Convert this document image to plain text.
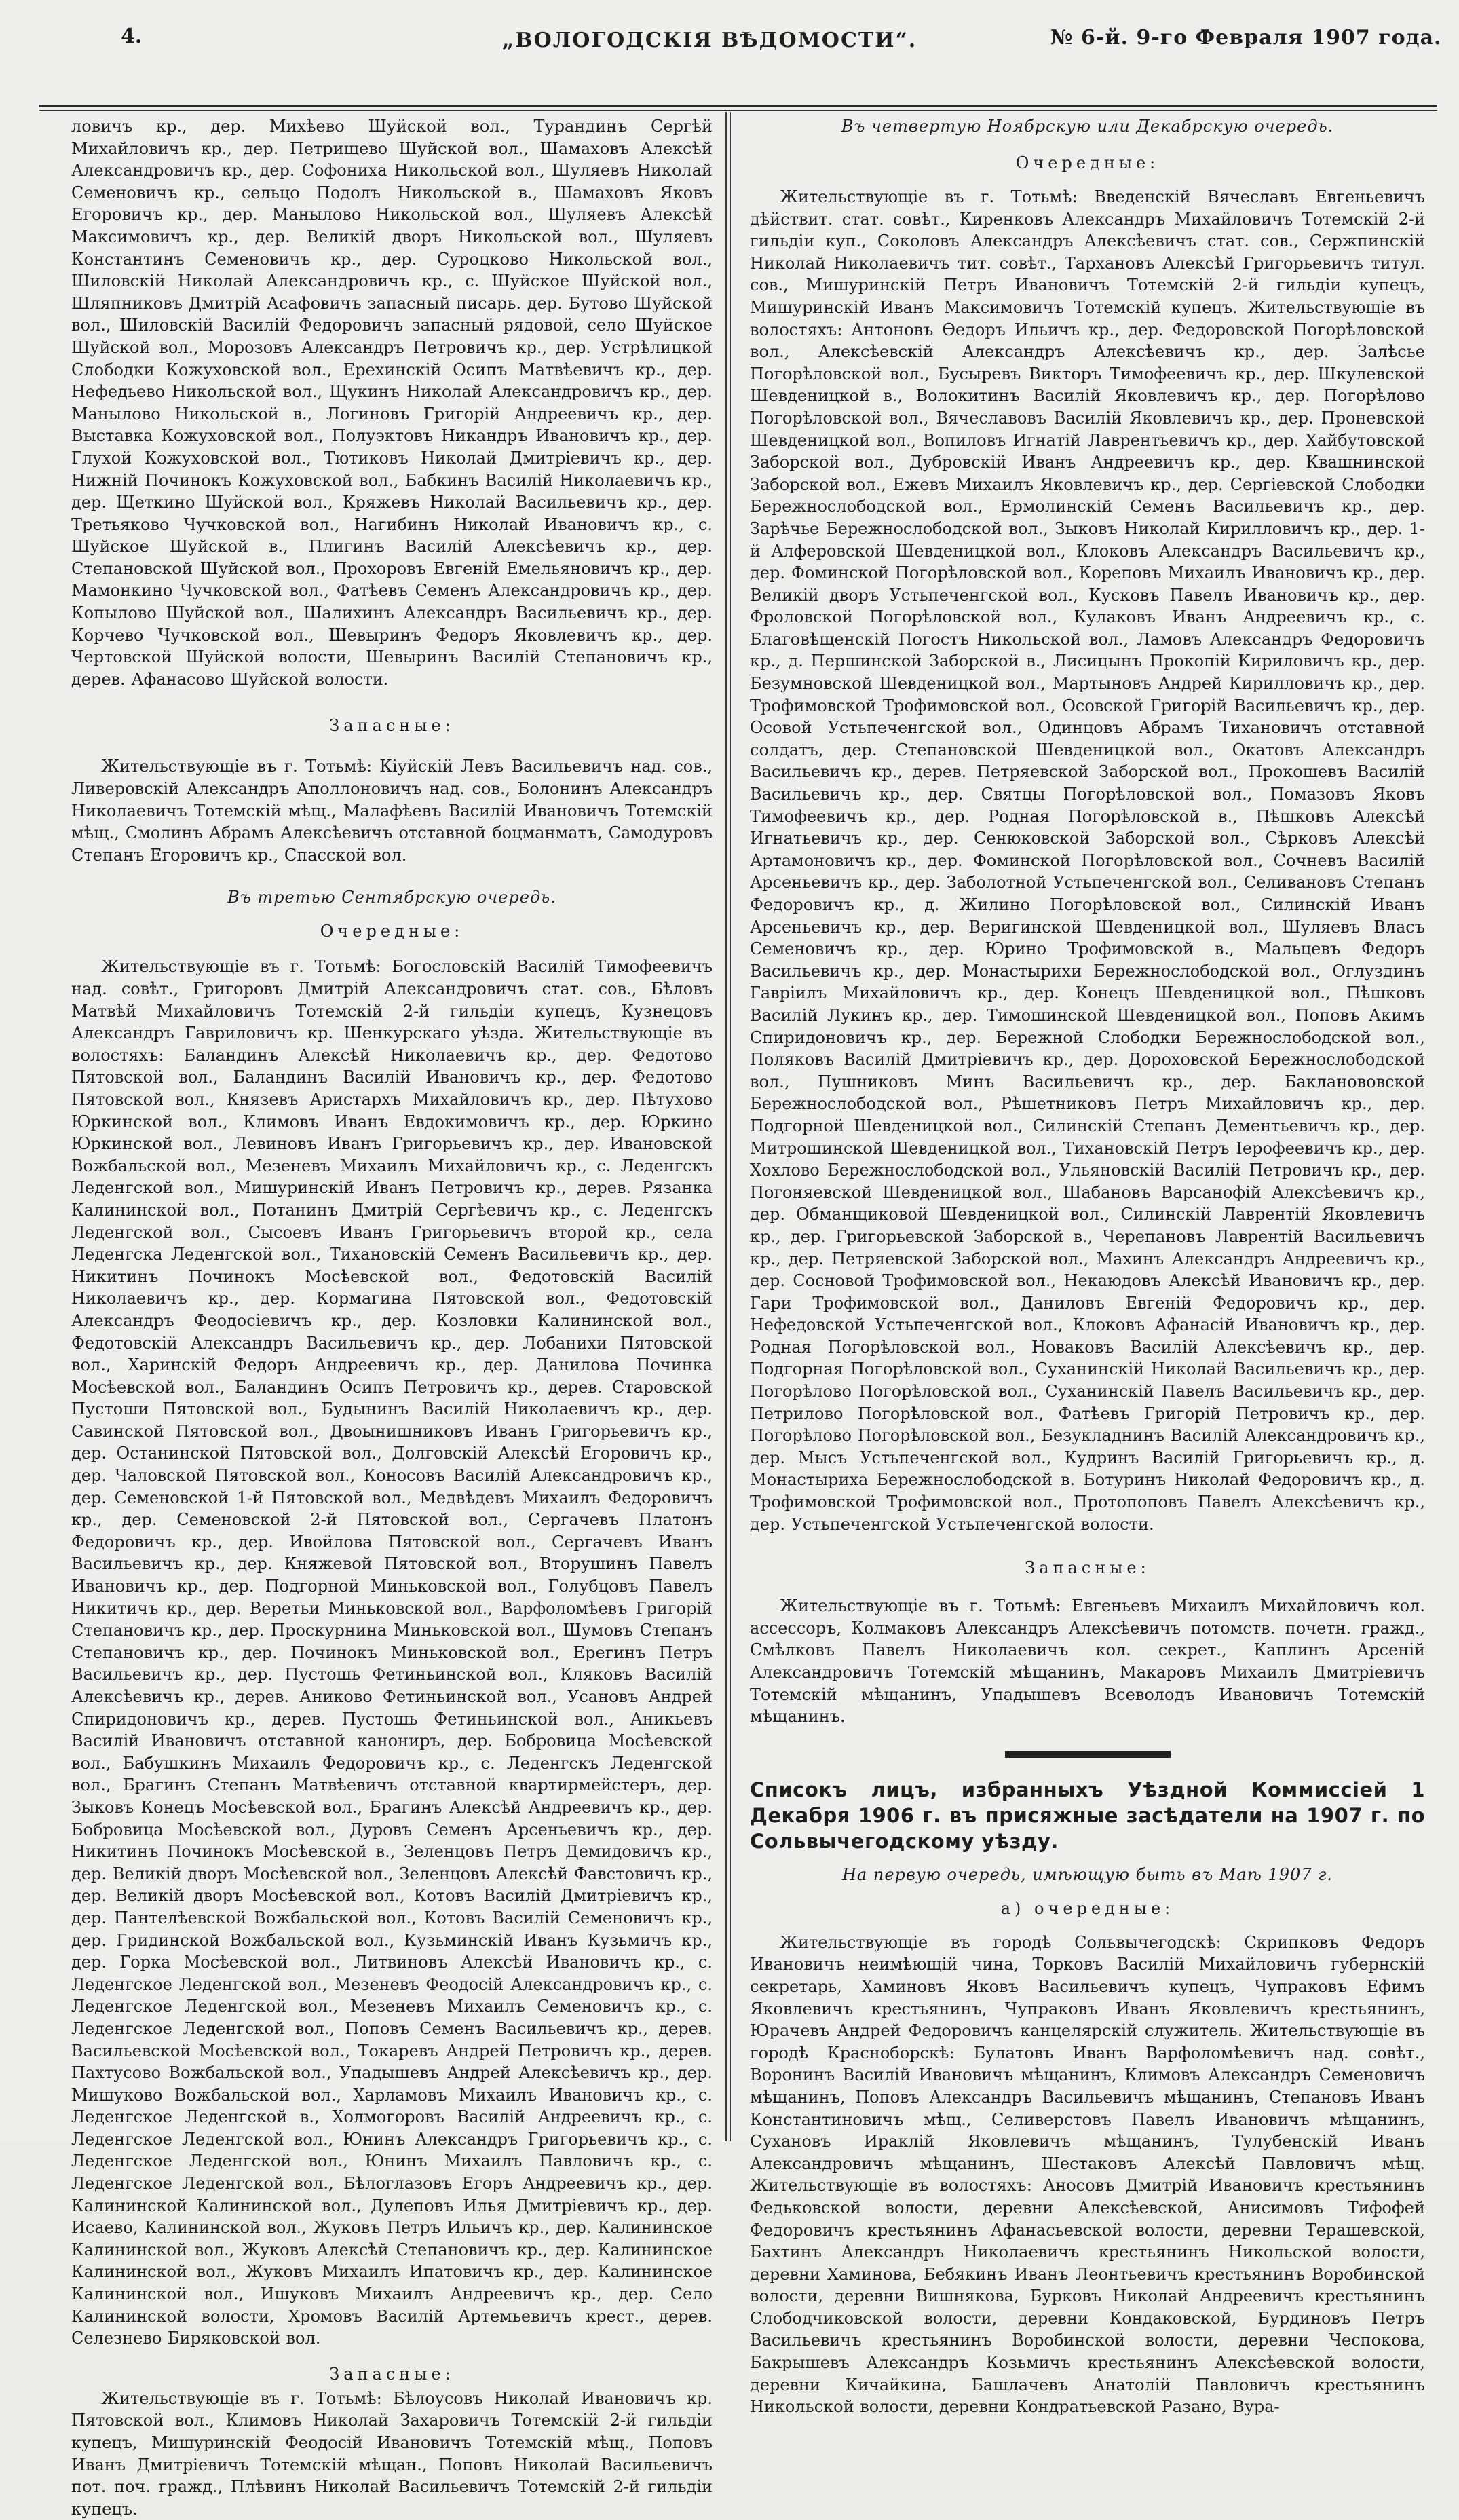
4.	„ВОЛОГОДСКІЯ ВѢДОМОСТИ“.	№ 6-й. 9-го Февраля 1907 года.

ловичъ кр., дер. Михѣево Шуйской вол., Турандинъ Сергѣй Михайловичъ кр., дер. Петрищево Шуйской вол., Шамаховъ Алексѣй Александровичъ кр., дер. Софониха Никольской вол., Шуляевъ Николай Семеновичъ кр., сельцо Подолъ Никольской в., Шамаховъ Яковъ Егоровичъ кр., дер. Манылово Никольской вол., Шуляевъ Алексѣй Максимовичъ кр., дер. Великій дворъ Никольской вол., Шуляевъ Константинъ Семеновичъ кр., дер. Суроцково Никольской вол., Шиловскій Николай Александровичъ кр., с. Шуйское Шуйской вол., Шляпниковъ Дмитрій Асафовичъ запасный писарь. дер. Бутово Шуйской вол., Шиловскій Василій Федоровичъ запасный рядовой, село Шуйское Шуйской вол., Морозовъ Александръ Петровичъ кр., дер. Устрѣлицкой Слободки Кожуховской вол., Ерехинскій Осипъ Матвѣевичъ кр., дер. Нефедьево Никольской вол., Щукинъ Николай Александровичъ кр., дер. Манылово Никольской в., Логиновъ Григорій Андреевичъ кр., дер. Выставка Кожуховской вол., Полуэктовъ Никандръ Ивановичъ кр., дер. Глухой Кожуховской вол., Тютиковъ Николай Дмитріевичъ кр., дер. Нижній Починокъ Кожуховской вол., Бабкинъ Василій Николаевичъ кр., дер. Щеткино Шуйской вол., Кряжевъ Николай Васильевичъ кр., дер. Третьяково Чучковской вол., Нагибинъ Николай Ивановичъ кр., с. Шуйское Шуйской в., Плигинъ Василій Алексѣевичъ кр., дер. Степановской Шуйской вол., Прохоровъ Евгеній Емельяновичъ кр., дер. Мамонкино Чучковской вол., Фатѣевъ Семенъ Александровичъ кр., дер. Копылово Шуйской вол., Шалихинъ Александръ Васильевичъ кр., дер. Корчево Чучковской вол., Шевыринъ Федоръ Яковлевичъ кр., дер. Чертовской Шуйской волости, Шевыринъ Василій Степановичъ кр., дерев. Афанасово Шуйской волости.

Запасные:

Жительствующіе въ г. Тотьмѣ: Кіуйскій Левъ Васильевичъ над. сов., Ливеровскій Александръ Аполлоновичъ над. сов., Болонинъ Александръ Николаевичъ Тотемскій мѣщ., Малафѣевъ Василій Ивановичъ Тотемскій мѣщ., Смолинъ Абрамъ Алексѣевичъ отставной боцманматъ, Самодуровъ Степанъ Егоровичъ кр., Спасской вол.

Въ третью Сентябрскую очередь.

Очередные:

Жительствующіе въ г. Тотьмѣ: Богословскій Василій Тимофеевичъ над. совѣт., Григоровъ Дмитрій Александровичъ стат. сов., Бѣловъ Матвѣй Михайловичъ Тотемскій 2-й гильдіи купецъ, Кузнецовъ Александръ Гавриловичъ кр. Шенкурскаго уѣзда. Жительствующіе въ волостяхъ: Баландинъ Алексѣй Николаевичъ кр., дер. Федотово Пятовской вол., Баландинъ Василій Ивановичъ кр., дер. Федотово Пятовской вол., Князевъ Аристархъ Михайловичъ кр., дер. Пѣтухово Юркинской вол., Климовъ Иванъ Евдокимовичъ кр., дер. Юркино Юркинской вол., Левиновъ Иванъ Григорьевичъ кр., дер. Ивановской Вожбальской вол., Мезеневъ Михаилъ Михайловичъ кр., с. Леденгскъ Леденгской вол., Мишуринскій Иванъ Петровичъ кр., дерев. Рязанка Калининской вол., Потанинъ Дмитрій Сергѣевичъ кр., с. Леденгскъ Леденгской вол., Сысоевъ Иванъ Григорьевичъ второй кр., села Леденгска Леденгской вол., Тихановскій Семенъ Васильевичъ кр., дер. Никитинъ Починокъ Мосѣевской вол., Федотовскій Василій Николаевичъ кр., дер. Кормагина Пятовской вол., Федотовскій Александръ Феодосіевичъ кр., дер. Козловки Калининской вол., Федотовскій Александръ Васильевичъ кр., дер. Лобанихи Пятовской вол., Харинскій Федоръ Андреевичъ кр., дер. Данилова Починка Мосѣевской вол., Баландинъ Осипъ Петровичъ кр., дерев. Старовской Пустоши Пятовской вол., Будынинъ Василій Николаевичъ кр., дер. Савинской Пятовской вол., Двоынишниковъ Иванъ Григорьевичъ кр., дер. Останинской Пятовской вол., Долговскій Алексѣй Егоровичъ кр., дер. Чаловской Пятовской вол., Коносовъ Василій Александровичъ кр., дер. Семеновской 1-й Пятовской вол., Медвѣдевъ Михаилъ Федоровичъ кр., дер. Семеновской 2-й Пятовской вол., Сергачевъ Платонъ Федоровичъ кр., дер. Ивойлова Пятовской вол., Сергачевъ Иванъ Васильевичъ кр., дер. Княжевой Пятовской вол., Вторушинъ Павелъ Ивановичъ кр., дер. Подгорной Миньковской вол., Голубцовъ Павелъ Никитичъ кр., дер. Веретьи Миньковской вол., Варфоломѣевъ Григорій Степановичъ кр., дер. Проскурнина Миньковской вол., Шумовъ Степанъ Степановичъ кр., дер. Починокъ Миньковской вол., Ерегинъ Петръ Васильевичъ кр., дер. Пустошь Фетиньинской вол., Кляковъ Василій Алексѣевичъ кр., дерев. Аниково Фетиньинской вол., Усановъ Андрей Спиридоновичъ кр., дерев. Пустошь Фетиньинской вол., Аникьевъ Василій Ивановичъ отставной канониръ, дер. Бобровица Мосѣевской вол., Бабушкинъ Михаилъ Федоровичъ кр., с. Леденгскъ Леденгской вол., Брагинъ Степанъ Матвѣевичъ отставной квартирмейстеръ, дер. Зыковъ Конецъ Мосѣевской вол., Брагинъ Алексѣй Андреевичъ кр., дер. Бобровица Мосѣевской вол., Дуровъ Семенъ Арсеньевичъ кр., дер. Никитинъ Починокъ Мосѣевской в., Зеленцовъ Петръ Демидовичъ кр., дер. Великій дворъ Мосѣевской вол., Зеленцовъ Алексѣй Фавстовичъ кр., дер. Великій дворъ Мосѣевской вол., Котовъ Василій Дмитріевичъ кр., дер. Пантелѣевской Вожбальской вол., Котовъ Василій Семеновичъ кр., дер. Гридинской Вожбальской вол., Кузьминскій Иванъ Кузьмичъ кр., дер. Горка Мосѣевской вол., Литвиновъ Алексѣй Ивановичъ кр., с. Леденгское Леденгской вол., Мезеневъ Феодосій Александровичъ кр., с. Леденгское Леденгской вол., Мезеневъ Михаилъ Семеновичъ кр., с. Леденгское Леденгской вол., Поповъ Семенъ Васильевичъ кр., дерев. Васильевской Мосѣевской вол., Токаревъ Андрей Петровичъ кр., дерев. Пахтусово Вожбальской вол., Упадышевъ Андрей Алексѣевичъ кр., дер. Мишуково Вожбальской вол., Харламовъ Михаилъ Ивановичъ кр., с. Леденгское Леденгской в., Холмогоровъ Василій Андреевичъ кр., с. Леденгское Леденгской вол., Юнинъ Александръ Григорьевичъ кр., с. Леденгское Леденгской вол., Юнинъ Михаилъ Павловичъ кр., с. Леденгское Леденгской вол., Бѣлоглазовъ Егоръ Андреевичъ кр., дер. Калининской Калининской вол., Дулеповъ Илья Дмитріевичъ кр., дер. Исаево, Калининской вол., Жуковъ Петръ Ильичъ кр., дер. Калининское Калининской вол., Жуковъ Алексѣй Степановичъ кр., дер. Калининское Калининской вол., Жуковъ Михаилъ Ипатовичъ кр., дер. Калининское Калининской вол., Ишуковъ Михаилъ Андреевичъ кр., дер. Село Калининской волости, Хромовъ Василій Артемьевичъ крест., дерев. Селезнево Биряковской вол.

Запасные:

Жительствующіе въ г. Тотьмѣ: Бѣлоусовъ Николай Ивановичъ кр. Пятовской вол., Климовъ Николай Захаровичъ Тотемскій 2-й гильдіи купецъ, Мишуринскій Феодосій Ивановичъ Тотемскій мѣщ., Поповъ Иванъ Дмитріевичъ Тотемскій мѣщан., Поповъ Николай Васильевичъ пот. поч. гражд., Плѣвинъ Николай Васильевичъ Тотемскій 2-й гильдіи купецъ.

Въ четвертую Ноябрскую или Декабрскую очередь.

Очередные:

Жительствующіе въ г. Тотьмѣ: Введенскій Вячеславъ Евгеньевичъ дѣйствит. стат. совѣт., Киренковъ Александръ Михайловичъ Тотемскій 2-й гильдіи куп., Соколовъ Александръ Алексѣевичъ стат. сов., Сержпинскій Николай Николаевичъ тит. совѣт., Тархановъ Алексѣй Григорьевичъ титул. сов., Мишуринскій Петръ Ивановичъ Тотемскій 2-й гильдіи купецъ, Мишуринскій Иванъ Максимовичъ Тотемскій купецъ. Жительствующіе въ волостяхъ: Антоновъ Ѳедоръ Ильичъ кр., дер. Федоровской Погорѣловской вол., Алексѣевскій Александръ Алексѣевичъ кр., дер. Залѣсье Погорѣловской вол., Бусыревъ Викторъ Тимофеевичъ кр., дер. Шкулевской Шевденицкой в., Волокитинъ Василій Яковлевичъ кр., дер. Погорѣлово Погорѣловской вол., Вячеславовъ Василій Яковлевичъ кр., дер. Проневской Шевденицкой вол., Вопиловъ Игнатій Лаврентьевичъ кр., дер. Хайбутовской Заборской вол., Дубровскій Иванъ Андреевичъ кр., дер. Квашнинской Заборской вол., Ежевъ Михаилъ Яковлевичъ кр., дер. Сергіевской Слободки Бережнослободской вол., Ермолинскій Семенъ Васильевичъ кр., дер. Зарѣчье Бережнослободской вол., Зыковъ Николай Кирилловичъ кр., дер. 1-й Алферовской Шевденицкой вол., Клоковъ Александръ Васильевичъ кр., дер. Фоминской Погорѣловской вол., Кореповъ Михаилъ Ивановичъ кр., дер. Великій дворъ Устьпеченгской вол., Кусковъ Павелъ Ивановичъ кр., дер. Фроловской Погорѣловской вол., Кулаковъ Иванъ Андреевичъ кр., с. Благовѣщенскій Погостъ Никольской вол., Ламовъ Александръ Федоровичъ кр., д. Першинской Заборской в., Лисицынъ Прокопій Кириловичъ кр., дер. Безумновской Шевденицкой вол., Мартыновъ Андрей Кирилловичъ кр., дер. Трофимовской Трофимовской вол., Осовской Григорій Васильевичъ кр., дер. Осовой Устьпеченгской вол., Одинцовъ Абрамъ Тихановичъ отставной солдатъ, дер. Степановской Шевденицкой вол., Окатовъ Александръ Васильевичъ кр., дерев. Петряевской Заборской вол., Прокошевъ Василій Васильевичъ кр., дер. Святцы Погорѣловской вол., Помазовъ Яковъ Тимофеевичъ кр., дер. Родная Погорѣловской в., Пѣшковъ Алексѣй Игнатьевичъ кр., дер. Сенюковской Заборской вол., Сѣрковъ Алексѣй Артамоновичъ кр., дер. Фоминской Погорѣловской вол., Сочневъ Василій Арсеньевичъ кр., дер. Заболотной Устьпеченгской вол., Селивановъ Степанъ Федоровичъ кр., д. Жилино Погорѣловской вол., Силинскій Иванъ Арсеньевичъ кр., дер. Веригинской Шевденицкой вол., Шуляевъ Власъ Семеновичъ кр., дер. Юрино Трофимовской в., Мальцевъ Федоръ Васильевичъ кр., дер. Монастырихи Бережнослободской вол., Оглуздинъ Гавріилъ Михайловичъ кр., дер. Конецъ Шевденицкой вол., Пѣшковъ Василій Лукинъ кр., дер. Тимошинской Шевденицкой вол., Поповъ Акимъ Спиридоновичъ кр., дер. Бережной Слободки Бережнослободской вол., Поляковъ Василій Дмитріевичъ кр., дер. Дороховской Бережнослободской вол., Пушниковъ Минъ Васильевичъ кр., дер. Бакланововской Бережнослободской вол., Рѣшетниковъ Петръ Михайловичъ кр., дер. Подгорной Шевденицкой вол., Силинскій Степанъ Дементьевичъ кр., дер. Митрошинской Шевденицкой вол., Тихановскій Петръ Іерофеевичъ кр., дер. Хохлово Бережнослободской вол., Ульяновскій Василій Петровичъ кр., дер. Погоняевской Шевденицкой вол., Шабановъ Варсанофій Алексѣевичъ кр., дер. Обманщиковой Шевденицкой вол., Силинскій Лаврентій Яковлевичъ кр., дер. Григорьевской Заборской в., Черепановъ Лаврентій Васильевичъ кр., дер. Петряевской Заборской вол., Махинъ Александръ Андреевичъ кр., дер. Сосновой Трофимовской вол., Некаюдовъ Алексѣй Ивановичъ кр., дер. Гари Трофимовской вол., Даниловъ Евгеній Федоровичъ кр., дер. Нефедовской Устьпеченгской вол., Клоковъ Афанасій Ивановичъ кр., дер. Родная Погорѣловской вол., Новаковъ Василій Алексѣевичъ кр., дер. Подгорная Погорѣловской вол., Суханинскій Николай Васильевичъ кр., дер. Погорѣлово Погорѣловской вол., Суханинскій Павелъ Васильевичъ кр., дер. Петрилово Погорѣловской вол., Фатѣевъ Григорій Петровичъ кр., дер. Погорѣлово Погорѣловской вол., Безукладнинъ Василій Александровичъ кр., дер. Мысъ Устьпеченгской вол., Кудринъ Василій Григорьевичъ кр., д. Монастыриха Бережнослободской в. Ботуринъ Николай Федоровичъ кр., д. Трофимовской Трофимовской вол., Протопоповъ Павелъ Алексѣевичъ кр., дер. Устьпеченгской Устьпеченгской волости.

Запасные:

Жительствующіе въ г. Тотьмѣ: Евгеньевъ Михаилъ Михайловичъ кол. ассессоръ, Колмаковъ Александръ Алексѣевичъ потомств. почетн. гражд., Смѣлковъ Павелъ Николаевичъ кол. секрет., Каплинъ Арсеній Александровичъ Тотемскій мѣщанинъ, Макаровъ Михаилъ Дмитріевичъ Тотемскій мѣщанинъ, Упадышевъ Всеволодъ Ивановичъ Тотемскій мѣщанинъ.

Списокъ лицъ, избранныхъ Уѣздной Коммиссіей 1 Декабря 1906 г. въ присяжные засѣдатели на 1907 г. по Сольвычегодскому уѣзду.

На первую очередь, имѣющую быть въ Маѣ 1907 г.

а) очередные:

Жительствующіе въ городѣ Сольвычегодскѣ: Скрипковъ Федоръ Ивановичъ неимѣющій чина, Торковъ Василій Михайловичъ губернскій секретарь, Хаминовъ Яковъ Васильевичъ купецъ, Чупраковъ Ефимъ Яковлевичъ крестьянинъ, Чупраковъ Иванъ Яковлевичъ крестьянинъ, Юрачевъ Андрей Федоровичъ канцелярскій служитель. Жительствующіе въ городѣ Красноборскѣ: Булатовъ Иванъ Варфоломѣевичъ над. совѣт., Воронинъ Василій Ивановичъ мѣщанинъ, Климовъ Александръ Семеновичъ мѣщанинъ, Поповъ Александръ Васильевичъ мѣщанинъ, Степановъ Иванъ Константиновичъ мѣщ., Селиверстовъ Павелъ Ивановичъ мѣщанинъ, Сухановъ Ираклій Яковлевичъ мѣщанинъ, Тулубенскій Иванъ Александровичъ мѣщанинъ, Шестаковъ Алексѣй Павловичъ мѣщ. Жительствующіе въ волостяхъ: Аносовъ Дмитрій Ивановичъ крестьянинъ Федьковской волости, деревни Алексѣевской, Анисимовъ Тифофей Федоровичъ крестьянинъ Афанасьевской волости, деревни Терашевской, Бахтинъ Александръ Николаевичъ крестьянинъ Никольской волости, деревни Хаминова, Бебякинъ Иванъ Леонтьевичъ крестьянинъ Воробинской волости, деревни Вишнякова, Бурковъ Николай Андреевичъ крестьянинъ Слободчиковской волости, деревни Кондаковской, Бурдиновъ Петръ Васильевичъ крестьянинъ Воробинской волости, деревни Чеспокова, Бакрышевъ Александръ Козьмичъ крестьянинъ Алексѣевской волости, деревни Кичайкина, Башлачевъ Анатолій Павловичъ крестьянинъ Никольской волости, деревни Кондратьевской Разано, Вура-
